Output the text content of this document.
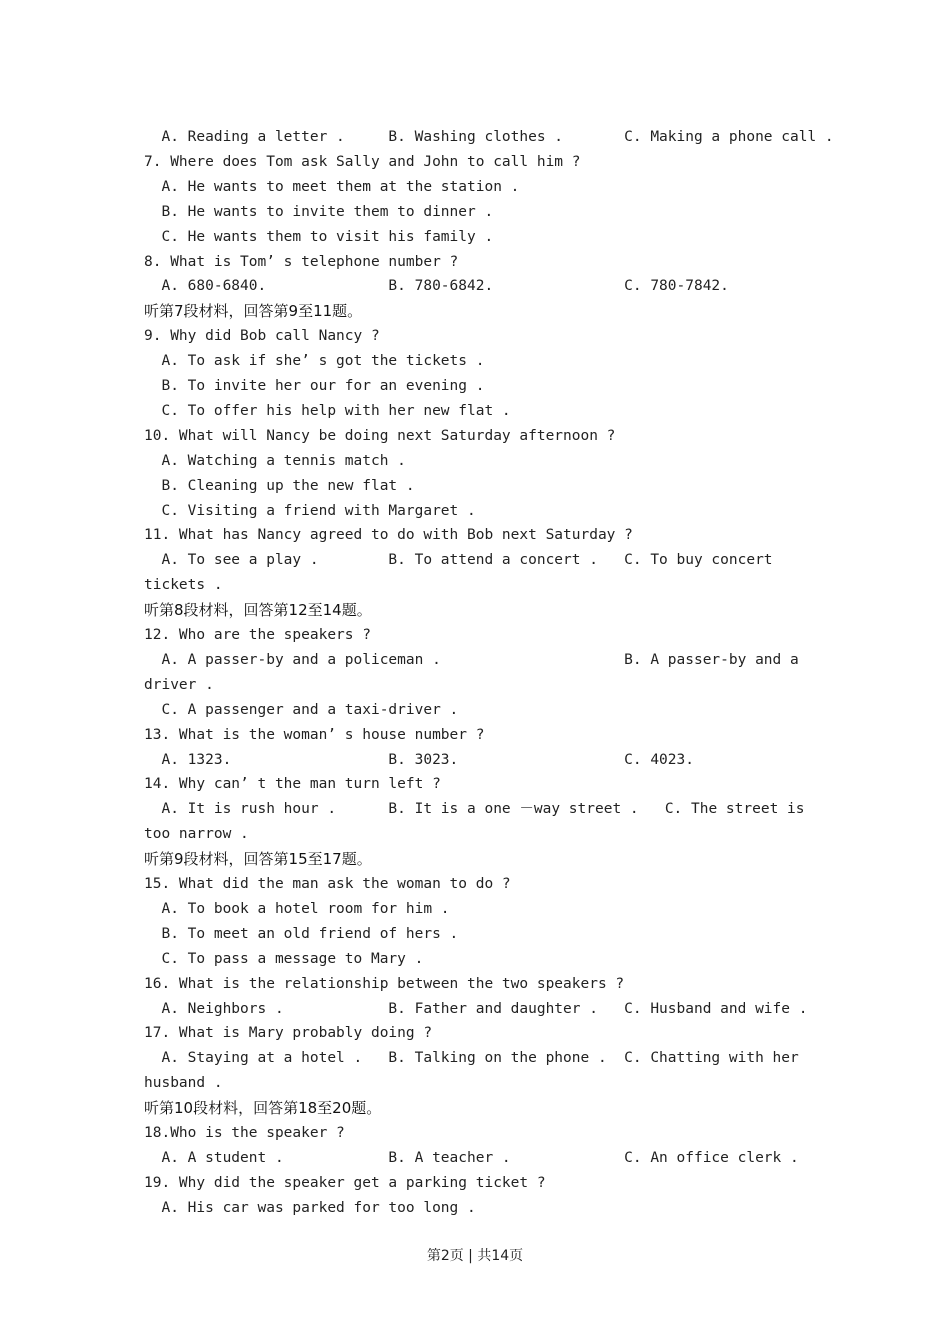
A. Reading a letter .     B. Washing clothes .       C. Making a phone call .
7. Where does Tom ask Sally and John to call him ?
A. He wants to meet them at the station .
B. He wants to invite them to dinner .
C. He wants them to visit his family .
8. What is Tom’ s telephone number ?
A. 680-6840.              B. 780-6842.               C. 780-7842.
听第7段材料，回答第9至11题。
9. Why did Bob call Nancy ?
A. To ask if she’ s got the tickets .
B. To invite her our for an evening .
C. To offer his help with her new flat .
10. What will Nancy be doing next Saturday afternoon ?
A. Watching a tennis match .
B. Cleaning up the new flat .
C. Visiting a friend with Margaret .
11. What has Nancy agreed to do with Bob next Saturday ?
A. To see a play .        B. To attend a concert .   C. To buy concert
tickets .
听第8段材料，回答第12至14题。
12. Who are the speakers ?
A. A passer-by and a policeman .                     B. A passer-by and a
driver .
C. A passenger and a taxi-driver .
13. What is the woman’ s house number ?
A. 1323.                  B. 3023.                   C. 4023.
14. Why can’ t the man turn left ?
A. It is rush hour .      B. It is a one －way street .   C. The street is
too narrow .
听第9段材料，回答第15至17题。
15. What did the man ask the woman to do ?
A. To book a hotel room for him .
B. To meet an old friend of hers .
C. To pass a message to Mary .
16. What is the relationship between the two speakers ?
A. Neighbors .            B. Father and daughter .   C. Husband and wife .
17. What is Mary probably doing ?
A. Staying at a hotel .   B. Talking on the phone .  C. Chatting with her
husband .
听第10段材料，回答第18至20题。
18.Who is the speaker ?
A. A student .            B. A teacher .             C. An office clerk .
19. Why did the speaker get a parking ticket ?
A. His car was parked for too long .
第2页 | 共14页
